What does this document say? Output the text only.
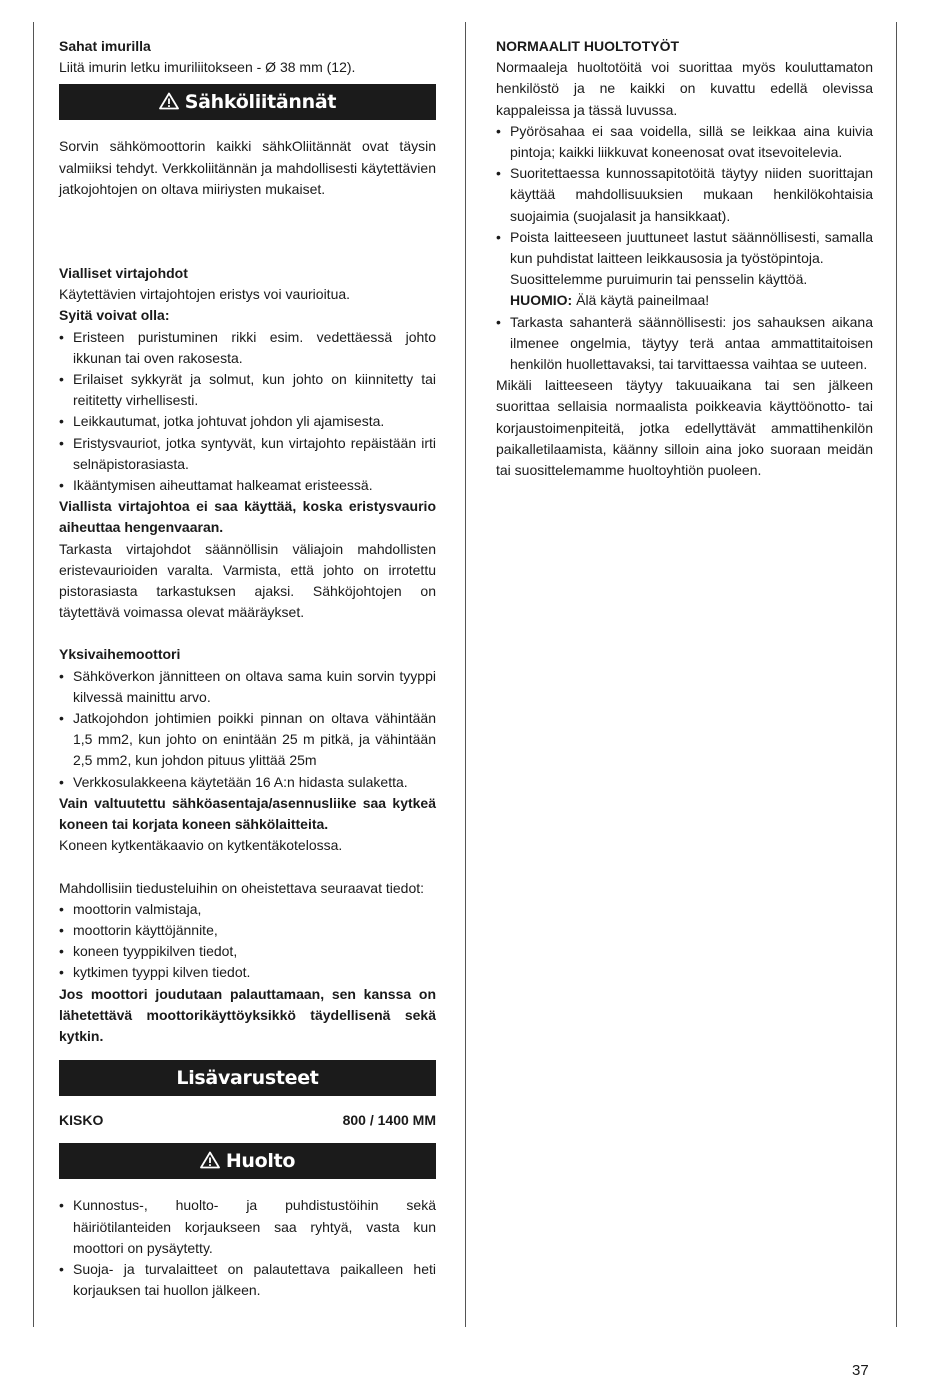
Sahat imurilla

Liitä imurin letku imuriliitokseen - Ø 38 mm (12).

Sähköliitännät

Sorvin sähkömoottorin kaikki sähkOliitännät ovat täysin valmiiksi tehdyt. Verkkoliitännän ja mahdollisesti käytettävien jatkojohtojen on oltava miiriysten mukaiset.

Vialliset virtajohdot

Käytettävien virtajohtojen eristys voi vaurioitua.

Syitä voivat olla:

• Eristeen puristuminen rikki esim. vedettäessä johto ikkunan tai oven rakosesta.
• Erilaiset sykkyrät ja solmut, kun johto on kiinnitetty tai reititetty virhellisesti.
• Leikkautumat, jotka johtuvat johdon yli ajamisesta.
• Eristysvauriot, jotka syntyvät, kun virtajohto repäistään irti selnäpistorasiasta.
• Ikääntymisen aiheuttamat halkeamat eristeessä.

Viallista virtajohtoa ei saa käyttää, koska eristysvaurio aiheuttaa hengenvaaran.

Tarkasta virtajohdot säännöllisin väliajoin mahdollisten eristevaurioiden varalta. Varmista, että johto on irrotettu pistorasiasta tarkastuksen ajaksi. Sähköjohtojen on täytettävä voimassa olevat määräykset.

Yksivaihemoottori

• Sähköverkon jännitteen on oltava sama kuin sorvin tyyppi kilvessä mainittu arvo.
• Jatkojohdon johtimien poikki pinnan on oltava vähintään 1,5 mm2, kun johto on enintään 25 m pitkä, ja vähintään 2,5 mm2, kun johdon pituus ylittää 25m
• Verkkosulakkeena käytetään 16 A:n hidasta sulaketta.

Vain valtuutettu sähköasentaja/asennusliike saa kytkeä koneen tai korjata koneen sähkölaitteita.

Koneen kytkentäkaavio on kytkentäkotelossa.

Mahdollisiin tiedusteluihin on oheistettava seuraavat tiedot:

• moottorin valmistaja,
• moottorin käyttöjännite,
• koneen tyyppikilven tiedot,
• kytkimen tyyppi kilven tiedot.

Jos moottori joudutaan palauttamaan, sen kanssa on lähetettävä moottorikäyttöyksikkö täydellisenä sekä kytkin.

Lisävarusteet
KISKO	800 / 1400 MM
Huolto
• Kunnostus-, huolto- ja puhdistustöihin sekä häiriötilanteiden korjaukseen saa ryhtyä, vasta kun moottori on pysäytetty.
• Suoja- ja turvalaitteet on palautettava paikalleen heti korjauksen tai huollon jälkeen.

NORMAALIT HUOLTOTYÖT

Normaaleja huoltotöitä voi suorittaa myös kouluttamaton henkilöstö ja ne kaikki on kuvattu edellä olevissa kappaleissa ja tässä luvussa.

• Pyörösahaa ei saa voidella, sillä se leikkaa aina kuivia pintoja; kaikki liikkuvat koneenosat ovat itsevoitelevia.
• Suoritettaessa kunnossapitotöitä täytyy niiden suorittajan käyttää mahdollisuuksien mukaan henkilökohtaisia suojaimia (suojalasit ja hansikkaat).
• Poista laitteeseen juuttuneet lastut säännöllisesti, samalla kun puhdistat laitteen leikkausosia ja työstöpintoja.
Suosittelemme puruimurin tai pensselin käyttöä.
HUOMIO: Älä käytä paineilmaa!
• Tarkasta sahanterä säännöllisesti: jos sahauksen aikana ilmenee ongelmia, täytyy terä antaa ammattitaitoisen henkilön huollettavaksi, tai tarvittaessa vaihtaa se uuteen.

Mikäli laitteeseen täytyy takuuaikana tai sen jälkeen suorittaa sellaisia normaalista poikkeavia käyttöönotto- tai korjaustoimenpiteitä, jotka edellyttävät ammattihenkilön paikalletilaamista, käänny silloin aina joko suoraan meidän tai suosittelemamme huoltoyhtiön puoleen.

37
